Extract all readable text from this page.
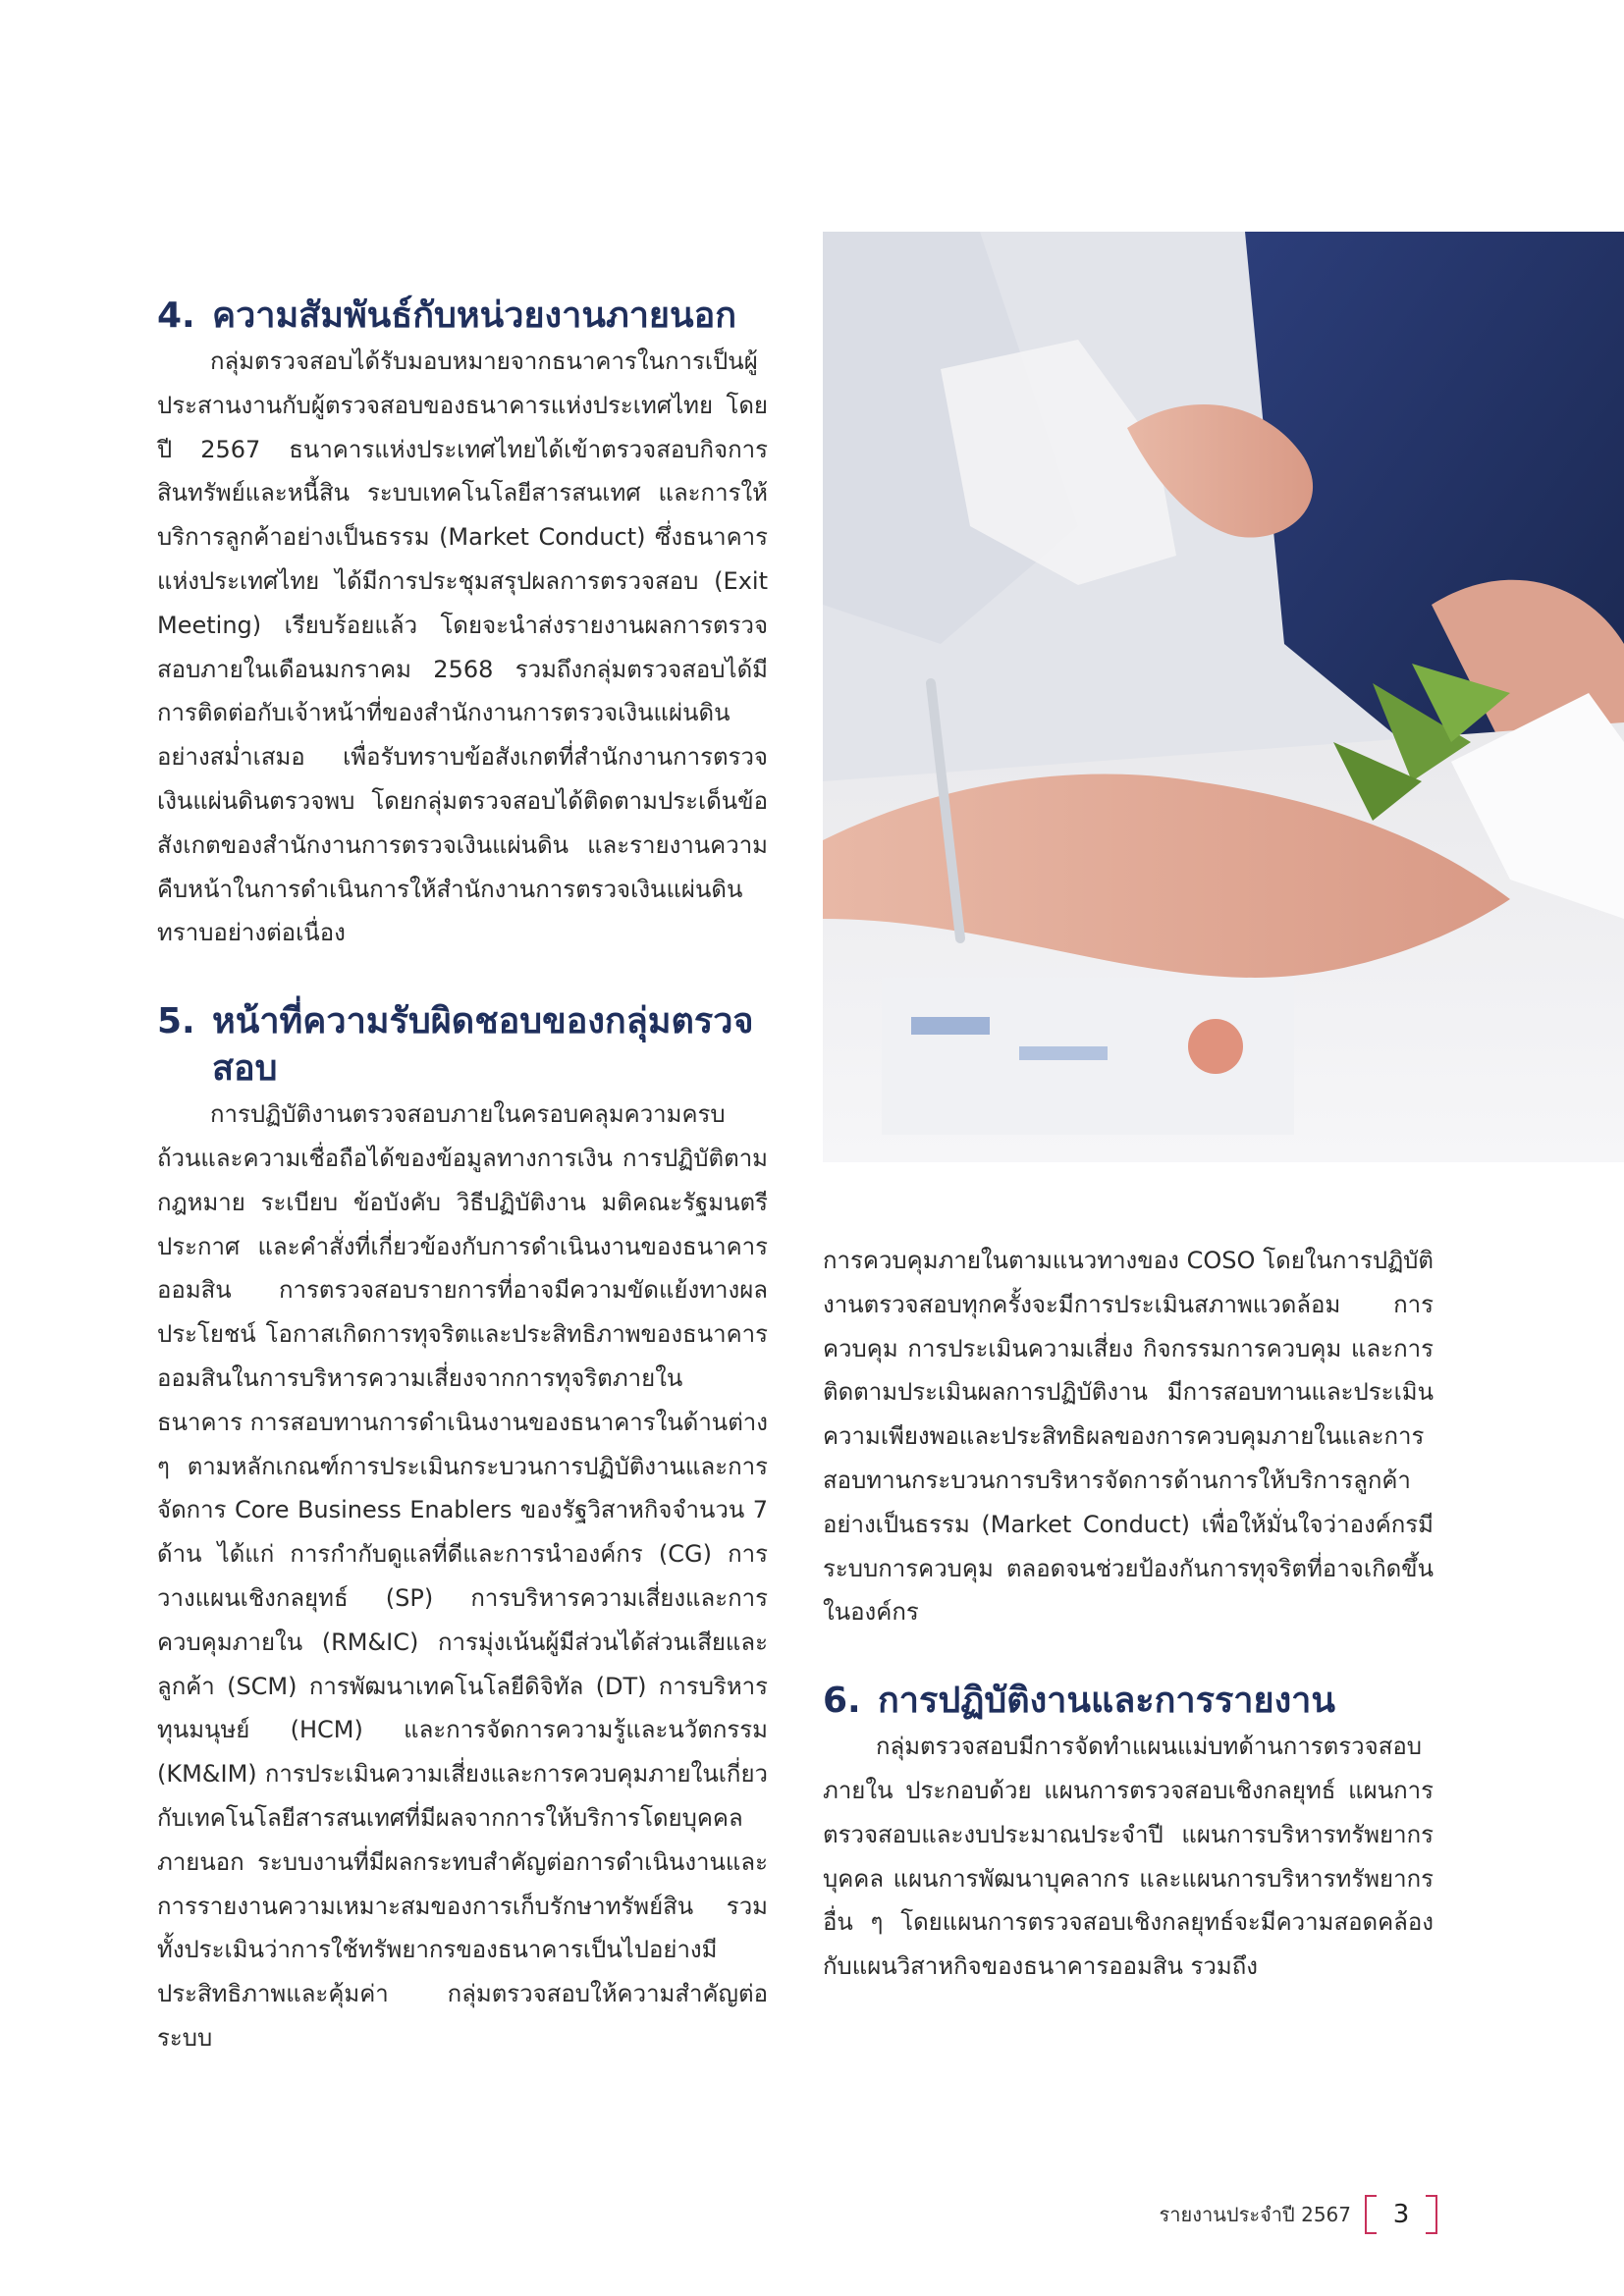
4. ความสัมพันธ์กับหน่วยงานภายนอก

กลุ่มตรวจสอบได้รับมอบหมายจากธนาคารในการเป็นผู้ประสานงานกับผู้ตรวจสอบของธนาคารแห่งประเทศไทย โดยปี 2567 ธนาคารแห่งประเทศไทยได้เข้าตรวจสอบกิจการสินทรัพย์และหนี้สิน ระบบเทคโนโลยีสารสนเทศ และการให้บริการลูกค้าอย่างเป็นธรรม (Market Conduct) ซึ่งธนาคารแห่งประเทศไทย ได้มีการประชุมสรุปผลการตรวจสอบ (Exit Meeting) เรียบร้อยแล้ว โดยจะนำส่งรายงานผลการตรวจสอบภายในเดือนมกราคม 2568 รวมถึงกลุ่มตรวจสอบได้มีการติดต่อกับเจ้าหน้าที่ของสำนักงานการตรวจเงินแผ่นดินอย่างสม่ำเสมอ เพื่อรับทราบข้อสังเกตที่สำนักงานการตรวจเงินแผ่นดินตรวจพบ โดยกลุ่มตรวจสอบได้ติดตามประเด็นข้อสังเกตของสำนักงานการตรวจเงินแผ่นดิน และรายงานความคืบหน้าในการดำเนินการให้สำนักงานการตรวจเงินแผ่นดินทราบอย่างต่อเนื่อง

5. หน้าที่ความรับผิดชอบของกลุ่มตรวจสอบ

การปฏิบัติงานตรวจสอบภายในครอบคลุมความครบถ้วนและความเชื่อถือได้ของข้อมูลทางการเงิน การปฏิบัติตามกฎหมาย ระเบียบ ข้อบังคับ วิธีปฏิบัติงาน มติคณะรัฐมนตรี ประกาศ และคำสั่งที่เกี่ยวข้องกับการดำเนินงานของธนาคารออมสิน การตรวจสอบรายการที่อาจมีความขัดแย้งทางผลประโยชน์ โอกาสเกิดการทุจริตและประสิทธิภาพของธนาคารออมสินในการบริหารความเสี่ยงจากการทุจริตภายในธนาคาร การสอบทานการดำเนินงานของธนาคารในด้านต่าง ๆ ตามหลักเกณฑ์การประเมินกระบวนการปฏิบัติงานและการจัดการ Core Business Enablers ของรัฐวิสาหกิจจำนวน 7 ด้าน ได้แก่ การกำกับดูแลที่ดีและการนำองค์กร (CG) การวางแผนเชิงกลยุทธ์ (SP) การบริหารความเสี่ยงและการควบคุมภายใน (RM&IC) การมุ่งเน้นผู้มีส่วนได้ส่วนเสียและลูกค้า (SCM) การพัฒนาเทคโนโลยีดิจิทัล (DT) การบริหารทุนมนุษย์ (HCM) และการจัดการความรู้และนวัตกรรม (KM&IM) การประเมินความเสี่ยงและการควบคุมภายในเกี่ยวกับเทคโนโลยีสารสนเทศที่มีผลจากการให้บริการโดยบุคคลภายนอก ระบบงานที่มีผลกระทบสำคัญต่อการดำเนินงานและการรายงานความเหมาะสมของการเก็บรักษาทรัพย์สิน รวมทั้งประเมินว่าการใช้ทรัพยากรของธนาคารเป็นไปอย่างมีประสิทธิภาพและคุ้มค่า กลุ่มตรวจสอบให้ความสำคัญต่อระบบ

การควบคุมภายในตามแนวทางของ COSO โดยในการปฏิบัติงานตรวจสอบทุกครั้งจะมีการประเมินสภาพแวดล้อม การควบคุม การประเมินความเสี่ยง กิจกรรมการควบคุม และการติดตามประเมินผลการปฏิบัติงาน มีการสอบทานและประเมินความเพียงพอและประสิทธิผลของการควบคุมภายในและการสอบทานกระบวนการบริหารจัดการด้านการให้บริการลูกค้าอย่างเป็นธรรม (Market Conduct) เพื่อให้มั่นใจว่าองค์กรมีระบบการควบคุม ตลอดจนช่วยป้องกันการทุจริตที่อาจเกิดขึ้นในองค์กร

6. การปฏิบัติงานและการรายงาน

กลุ่มตรวจสอบมีการจัดทำแผนแม่บทด้านการตรวจสอบภายใน ประกอบด้วย แผนการตรวจสอบเชิงกลยุทธ์ แผนการตรวจสอบและงบประมาณประจำปี แผนการบริหารทรัพยากรบุคคล แผนการพัฒนาบุคลากร และแผนการบริหารทรัพยากรอื่น ๆ โดยแผนการตรวจสอบเชิงกลยุทธ์จะมีความสอดคล้องกับแผนวิสาหกิจของธนาคารออมสิน รวมถึง

รายงานประจำปี 2567	3
